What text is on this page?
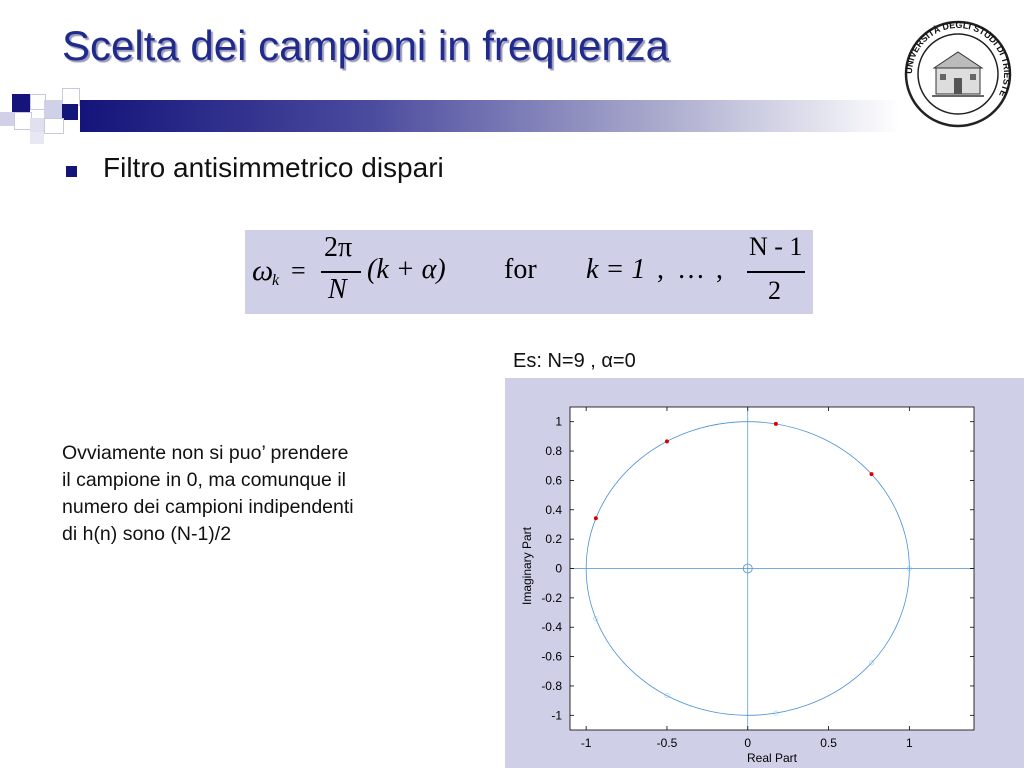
Scelta dei campioni in frequenza
UNIVERSITÀ DEGLI STUDI DI TRIESTE
Filtro antisimmetrico dispari
ω
k =
2π
N
(k + α) for k = 1 , … ,
N - 1
2
Es: N=9 , α=0
Ovviamente non si puo’ prendere
il campione in 0, ma comunque il
numero dei campioni indipendenti
di h(n) sono (N-1)/2
-1	-0.5	0	0.5	1
1
0.8
0.6
0.4
0.2
0
-0.2
-0.4
-0.6
-0.8
-1
Real Part
Imaginary Part
